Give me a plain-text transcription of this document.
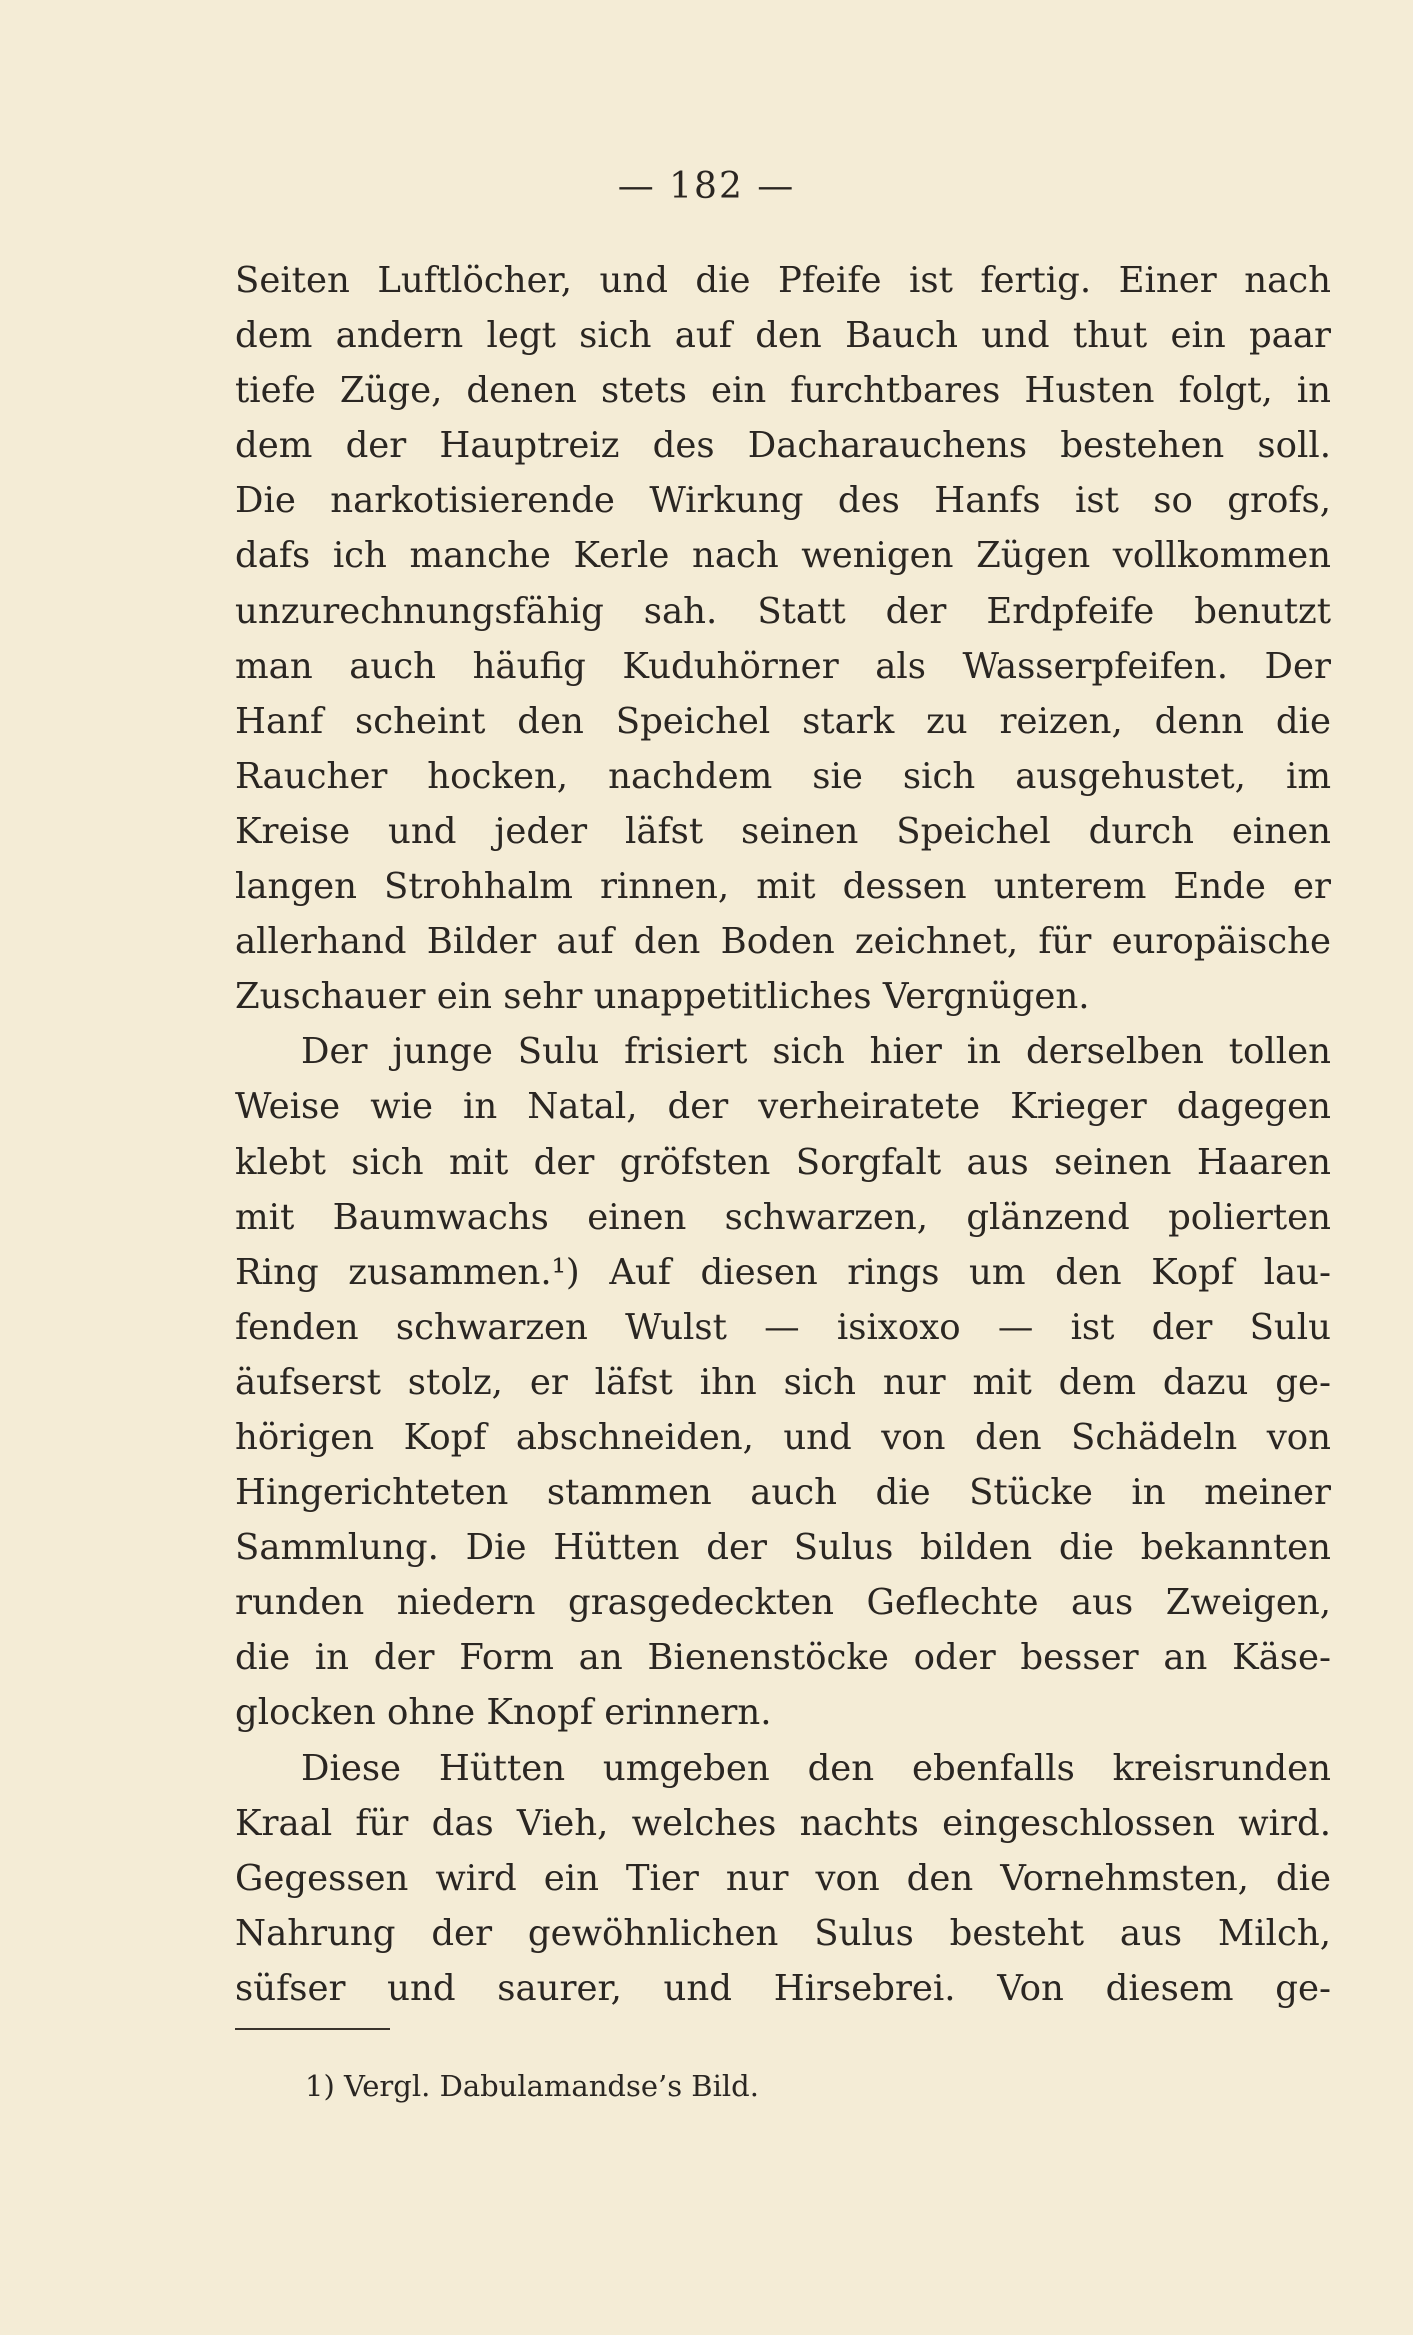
— 182 —
Seiten Luftlöcher, und die Pfeife ist fertig. Einer nach
dem andern legt sich auf den Bauch und thut ein paar
tiefe Züge, denen stets ein furchtbares Husten folgt, in
dem der Hauptreiz des Dacharauchens bestehen soll.
Die narkotisierende Wirkung des Hanfs ist so grofs,
dafs ich manche Kerle nach wenigen Zügen vollkommen
unzurechnungsfähig sah. Statt der Erdpfeife benutzt
man auch häufig Kuduhörner als Wasserpfeifen. Der
Hanf scheint den Speichel stark zu reizen, denn die
Raucher hocken, nachdem sie sich ausgehustet, im
Kreise und jeder läfst seinen Speichel durch einen
langen Strohhalm rinnen, mit dessen unterem Ende er
allerhand Bilder auf den Boden zeichnet, für europäische
Zuschauer ein sehr unappetitliches Vergnügen.
Der junge Sulu frisiert sich hier in derselben tollen
Weise wie in Natal, der verheiratete Krieger dagegen
klebt sich mit der gröfsten Sorgfalt aus seinen Haaren
mit Baumwachs einen schwarzen, glänzend polierten
Ring zusammen.¹) Auf diesen rings um den Kopf lau-
fenden schwarzen Wulst — isixoxo — ist der Sulu
äufserst stolz, er läfst ihn sich nur mit dem dazu ge-
hörigen Kopf abschneiden, und von den Schädeln von
Hingerichteten stammen auch die Stücke in meiner
Sammlung. Die Hütten der Sulus bilden die bekannten
runden niedern grasgedeckten Geflechte aus Zweigen,
die in der Form an Bienenstöcke oder besser an Käse-
glocken ohne Knopf erinnern.
Diese Hütten umgeben den ebenfalls kreisrunden
Kraal für das Vieh, welches nachts eingeschlossen wird.
Gegessen wird ein Tier nur von den Vornehmsten, die
Nahrung der gewöhnlichen Sulus besteht aus Milch,
süfser und saurer, und Hirsebrei. Von diesem ge-
1) Vergl. Dabulamandse’s Bild.
